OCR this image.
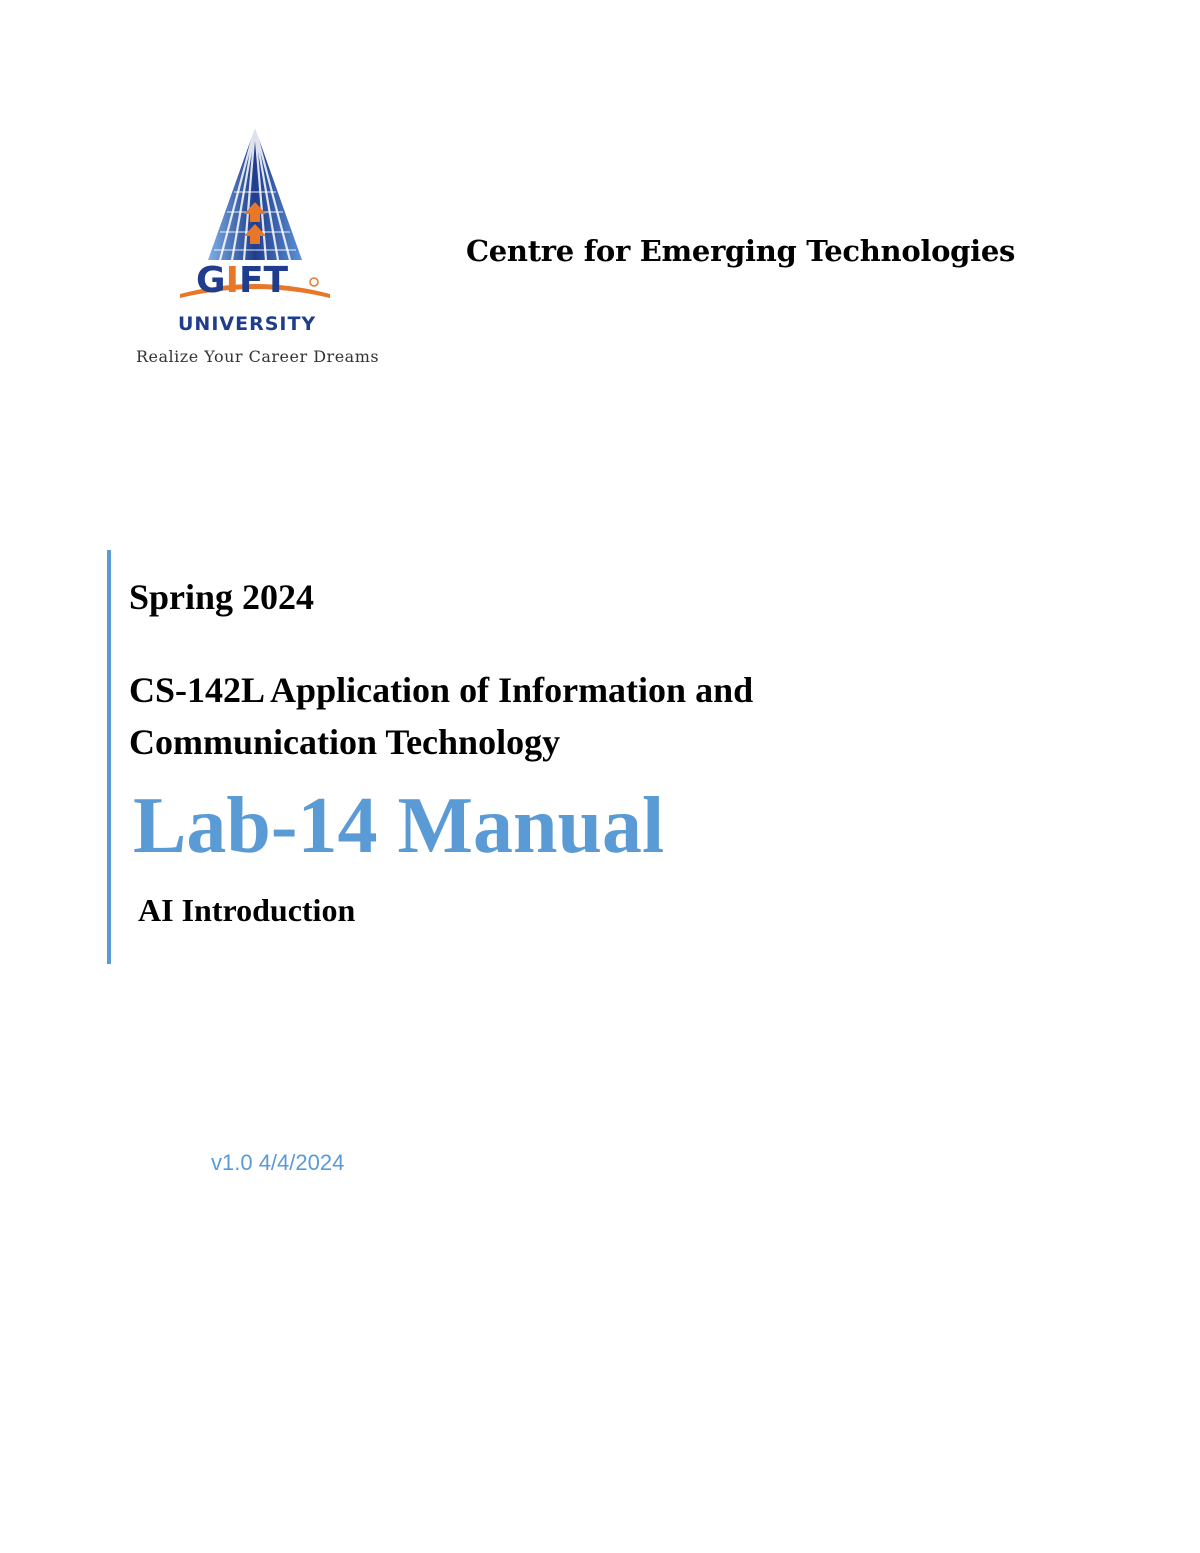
GIFT
UNIVERSITY
Realize Your Career Dreams
Centre for Emerging Technologies
Spring 2024
CS-142L Application of Information and
Communication Technology
Lab-14 Manual
AI Introduction
v1.0 4/4/2024
